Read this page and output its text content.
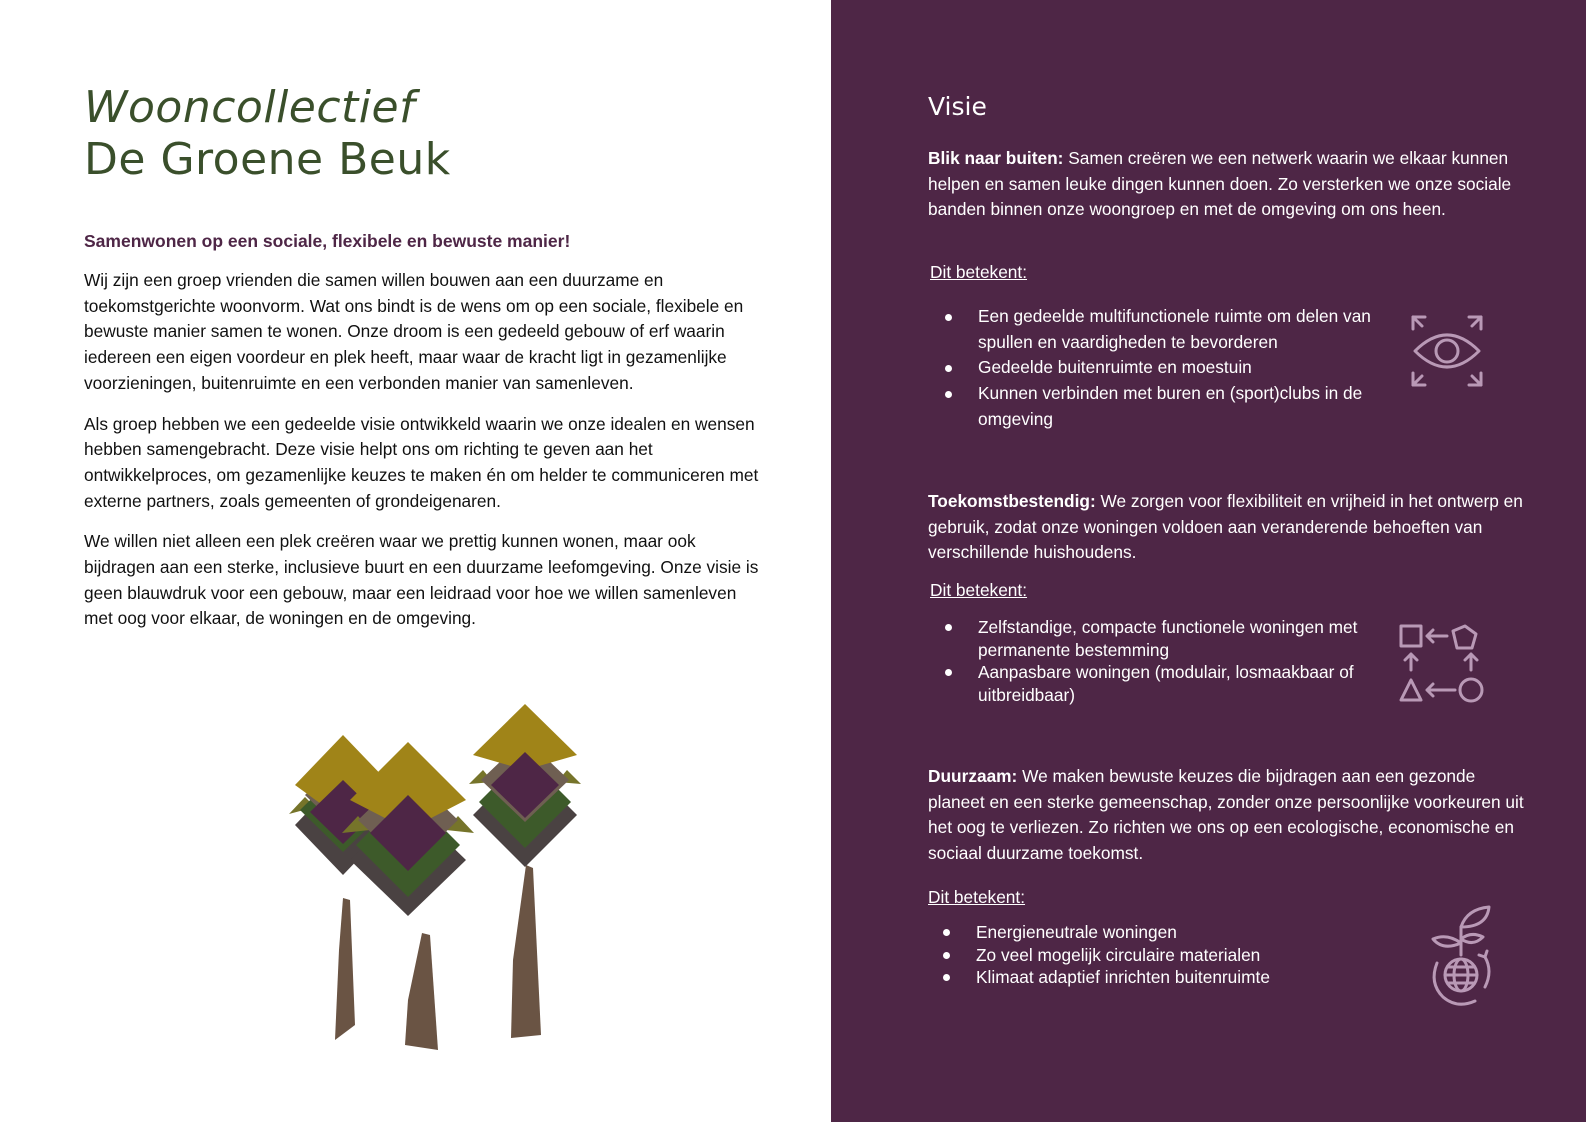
Wooncollectief
De Groene Beuk

Samenwonen op een sociale, flexibele en bewuste manier!

Wij zijn een groep vrienden die samen willen bouwen aan een duurzame en toekomstgerichte woonvorm. Wat ons bindt is de wens om op een sociale, flexibele en bewuste manier samen te wonen. Onze droom is een gedeeld gebouw of erf waarin iedereen een eigen voordeur en plek heeft, maar waar de kracht ligt in gezamenlijke voorzieningen, buitenruimte en een verbonden manier van samenleven.

Als groep hebben we een gedeelde visie ontwikkeld waarin we onze idealen en wensen hebben samengebracht. Deze visie helpt ons om richting te geven aan het ontwikkelproces, om gezamenlijke keuzes te maken én om helder te communiceren met externe partners, zoals gemeenten of grondeigenaren.

We willen niet alleen een plek creëren waar we prettig kunnen wonen, maar ook bijdragen aan een sterke, inclusieve buurt en een duurzame leefomgeving. Onze visie is geen blauwdruk voor een gebouw, maar een leidraad voor hoe we willen samenleven met oog voor elkaar, de woningen en de omgeving.

Visie

Blik naar buiten: Samen creëren we een netwerk waarin we elkaar kunnen helpen en samen leuke dingen kunnen doen. Zo versterken we onze sociale banden binnen onze woongroep en met de omgeving om ons heen.

Dit betekent:
Een gedeelde multifunctionele ruimte om delen van spullen en vaardigheden te bevorderen
Gedeelde buitenruimte en moestuin
Kunnen verbinden met buren en (sport)clubs in de omgeving

Toekomstbestendig: We zorgen voor flexibiliteit en vrijheid in het ontwerp en gebruik, zodat onze woningen voldoen aan veranderende behoeften van verschillende huishoudens.

Dit betekent:
Zelfstandige, compacte functionele woningen met permanente bestemming
Aanpasbare woningen (modulair, losmaakbaar of uitbreidbaar)

Duurzaam: We maken bewuste keuzes die bijdragen aan een gezonde planeet en een sterke gemeenschap, zonder onze persoonlijke voorkeuren uit het oog te verliezen. Zo richten we ons op een ecologische, economische en sociaal duurzame toekomst.

Dit betekent:
Energieneutrale woningen
Zo veel mogelijk circulaire materialen
Klimaat adaptief inrichten buitenruimte
